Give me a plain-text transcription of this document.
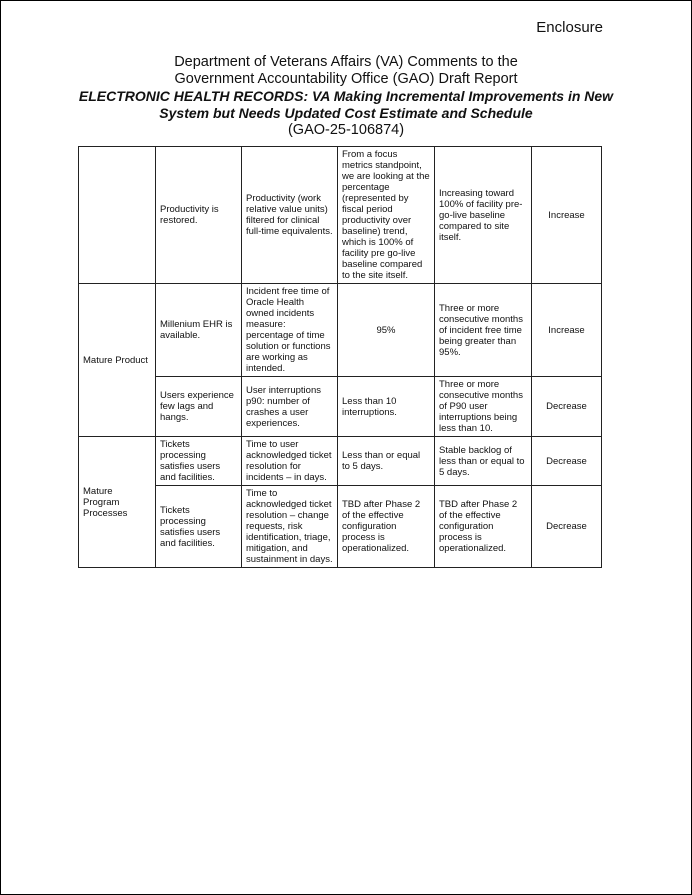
Enclosure
Department of Veterans Affairs (VA) Comments to the
Government Accountability Office (GAO) Draft Report
ELECTRONIC HEALTH RECORDS: VA Making Incremental Improvements in New
System but Needs Updated Cost Estimate and Schedule
(GAO-25-106874)
	Productivity is restored.	Productivity (work relative value units) filtered for clinical full-time equivalents.	From a focus metrics standpoint, we are looking at the percentage (represented by fiscal period productivity over baseline) trend, which is 100% of facility pre go-live baseline compared to the site itself.	Increasing toward 100% of facility pre-go-live baseline compared to site itself.	Increase
Mature Product	Millenium EHR is available.	Incident free time of Oracle Health owned incidents measure: percentage of time solution or functions are working as intended.	95%	Three or more consecutive months of incident free time being greater than 95%.	Increase
	Users experience few lags and hangs.	User interruptions p90: number of crashes a user experiences.	Less than 10 interruptions.	Three or more consecutive months of P90 user interruptions being less than 10.	Decrease
Mature Program Processes	Tickets processing satisfies users and facilities.	Time to user acknowledged ticket resolution for incidents – in days.	Less than or equal to 5 days.	Stable backlog of less than or equal to 5 days.	Decrease
	Tickets processing satisfies users and facilities.	Time to acknowledged ticket resolution – change requests, risk identification, triage, mitigation, and sustainment in days.	TBD after Phase 2 of the effective configuration process is operationalized.	TBD after Phase 2 of the effective configuration process is operationalized.	Decrease
